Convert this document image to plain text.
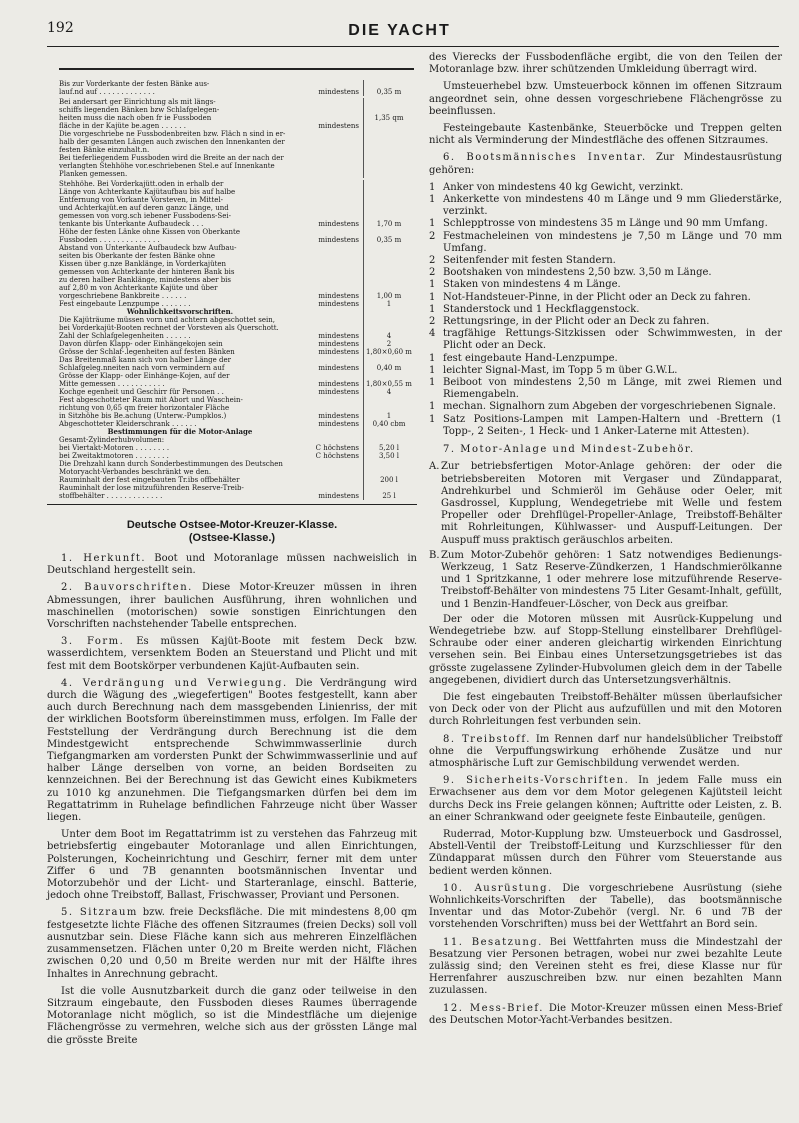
192	DIE YACHT
Bis zur Vorderkante der festen Bänke aus-
lauf.nd auf . . . . . . . . . . . . .	mindestens	0,35 m
Bei andersart ger Einrichtung als mit längs-
schiffs liegenden Bänken bzw Schlafgelegen-
heiten muss die nach oben fr ie Fussboden	1,35 qm
fläche in der Kajüte be.agen . . . . . .	mindestens
Die vorgeschriebe ne Fussbodenbreiten bzw. Fläch n sind in er-
halb der gesamten Längen auch zwischen den Innenkanten der
festen Bänke einzuhalt.n.
Bei tieferliegendem Fussboden wird die Breite an der nach der
verlangten Stehhöhe vor.eschriebenen Stel.e auf Innenkante
Planken gemessen.
Stehhöhe. Bei Vorderkajütt.oden in erhalb der
Länge von Achterkante Kajütaufbau bis auf halbe
Entfernung von Vorkante Vorsteven, in Mittel-
und Achterkajüt.en auf deren ganzc Länge, und
gemessen von vorg.sch iebener Fussbodens-Sei-
tenkante bis Unterkante Aufbaudeck . . .	mindestens	1,70 m
Höhe der festen Länke ohne Kissen von Oberkante
Fussboden . . . . . . . . . . . . . .	mindestens	0,35 m
Abstand von Unterkante Aufbaudeck bzw Aufbau-
seiten bis Oberkante der festen Bänke ohne
Kissen über g.nze Banklänge, in Vorderkajüten
gemessen von Achterkante der hinteren Bank bis
zu deren halber Banklänge, mindestens aber bis
auf 2,80 m von Achterkante Kajüte und über
vorgeschriebene Bankbreite . . . . . .	mindestens	1,00 m
Fest eingebaute Lenzpumpe . . . . . . .	mindestens	1
Wohnlichkeitsvorschriften.
Die Kajüträume müssen vorn und achtern abgeschottet sein,
bei Vorderkajüt-Booten rechnet der Vorsteven als Querschott.
Zahl der Schlafgelegenheiten . . . . . .	mindestens	4
Davon dürfen Klapp- oder Einhängekojen sein	mindestens	2
Grösse der Schlaf-.legenheiten auf festen Bänken	mindestens	1,80×0,60 m
Das Breitenmaß kann sich von halber Länge der
Schlafgeleg.nneiten nach vorn vermindern auf	mindestens	0,40 m
Grösse der Klapp- oder Einhänge-Kojen, auf der
Mitte gemessen . . . . . . . . . . .	mindestens	1,80×0,55 m
Kochge egenheit und Geschirr für Personen . .	mindestens	4
Fest abgeschotteter Raum mit Abort und Waschein-
richtung von 0,65 qm freier horizontaler Fläche
in Sitzhöhe bis Be.achung (Unterw.-Pumpklos.)	mindestens	1
Abgeschotteter Kleiderschrank . . . . . .	mindestens	0,40 cbm
Bestimmungen für die Motor-Anlage
Gesamt-Zylinderhubvolumen:
bei Viertakt-Motoren . . . . . . . .	C höchstens	5,20 l
bei Zweitaktmotoren . . . . . . . .	C höchstens	3,50 l
Die Drehzahl kann durch Sonderbestimmungen des Deutschen
Motoryacht-Verbandes beschränkt we den.
Rauminhalt der fest eingebauten Tr.ibs offbehälter	200 l
Rauminhalt der lose mitzuführenden Reserve-Treib-
stoffbehälter . . . . . . . . . . . . .	mindestens	25 l
Deutsche Ostsee-Motor-Kreuzer-Klasse.
(Ostsee-Klasse.)

1. Herkunft. Boot und Motoranlage müssen nachweislich in Deutschland hergestellt sein.

2. Bauvorschriften. Diese Motor-Kreuzer müssen in ihren Abmessungen, ihrer baulichen Ausführung, ihren wohnlichen und maschinellen (motorischen) sowie sonstigen Einrichtungen den Vorschriften nachstehender Tabelle entsprechen.

3. Form. Es müssen Kajüt-Boote mit festem Deck bzw. wasserdichtem, versenktem Boden an Steuerstand und Plicht und mit fest mit dem Bootskörper verbundenen Kajüt-Aufbauten sein.

4. Verdrängung und Verwiegung. Die Verdrängung wird durch die Wägung des „wiegefertigen" Bootes festgestellt, kann aber auch durch Berechnung nach dem massgebenden Linienriss, der mit der wirklichen Bootsform übereinstimmen muss, erfolgen. Im Falle der Feststellung der Verdrängung durch Berechnung ist die dem Mindestgewicht entsprechende Schwimmwasserlinie durch Tiefgangmarken am vordersten Punkt der Schwimmwasserlinie und auf halber Länge derselben von vorne, an beiden Bordseiten zu kennzeichnen. Bei der Berechnung ist das Gewicht eines Kubikmeters zu 1010 kg anzunehmen. Die Tiefgangsmarken dürfen bei dem im Regattatrimm in Ruhelage befindlichen Fahrzeuge nicht über Wasser liegen.

Unter dem Boot im Regattatrimm ist zu verstehen das Fahrzeug mit betriebsfertig eingebauter Motoranlage und allen Einrichtungen, Polsterungen, Kocheinrichtung und Geschirr, ferner mit dem unter Ziffer 6 und 7B genannten bootsmännischen Inventar und Motorzubehör und der Licht- und Starteranlage, einschl. Batterie, jedoch ohne Treibstoff, Ballast, Frischwasser, Proviant und Personen.

5. Sitzraum bzw. freie Decksfläche. Die mit mindestens 8,00 qm festgesetzte lichte Fläche des offenen Sitzraumes (freien Decks) soll voll ausnutzbar sein. Diese Fläche kann sich aus mehreren Einzelflächen zusammensetzen. Flächen unter 0,20 m Breite werden nicht, Flächen zwischen 0,20 und 0,50 m Breite werden nur mit der Hälfte ihres Inhaltes in Anrechnung gebracht.

Ist die volle Ausnutzbarkeit durch die ganz oder teilweise in den Sitzraum eingebaute, den Fussboden dieses Raumes überragende Motoranlage nicht möglich, so ist die Mindestfläche um diejenige Flächengrösse zu vermehren, welche sich aus der grössten Länge mal die grösste Breite

des Vierecks der Fussbodenfläche ergibt, die von den Teilen der Motoranlage bzw. ihrer schützenden Umkleidung überragt wird.

Umsteuerhebel bzw. Umsteuerbock können im offenen Sitzraum angeordnet sein, ohne dessen vorgeschriebene Flächengrösse zu beeinflussen.

Festeingebaute Kastenbänke, Steuerböcke und Treppen gelten nicht als Verminderung der Mindestfläche des offenen Sitzraumes.

6. Bootsmännisches Inventar. Zur Mindestausrüstung gehören:

1 Anker von mindestens 40 kg Gewicht, verzinkt.
1 Ankerkette von mindestens 40 m Länge und 9 mm Gliederstärke, verzinkt.
1 Schlepptrosse von mindestens 35 m Länge und 90 mm Umfang.
2 Festmacheleinen von mindestens je 7,50 m Länge und 70 mm Umfang.
2 Seitenfender mit festen Standern.
2 Bootshaken von mindestens 2,50 bzw. 3,50 m Länge.
1 Staken von mindestens 4 m Länge.
1 Not-Handsteuer-Pinne, in der Plicht oder an Deck zu fahren.
1 Standerstock und 1 Heckflaggenstock.
2 Rettungsringe, in der Plicht oder an Deck zu fahren.
4 tragfähige Rettungs-Sitzkissen oder Schwimmwesten, in der Plicht oder an Deck.
1 fest eingebaute Hand-Lenzpumpe.
1 leichter Signal-Mast, im Topp 5 m über G.W.L.
1 Beiboot von mindestens 2,50 m Länge, mit zwei Riemen und Riemengabeln.
1 mechan. Signalhorn zum Abgeben der vorgeschriebenen Signale.
1 Satz Positions-Lampen mit Lampen-Haltern und -Brettern (1 Topp-, 2 Seiten-, 1 Heck- und 1 Anker-Laterne mit Attesten).

7. Motor-Anlage und Mindest-Zubehör.

A. Zur betriebsfertigen Motor-Anlage gehören: der oder die betriebsbereiten Motoren mit Vergaser und Zündapparat, Andrehkurbel und Schmieröl im Gehäuse oder Oeler, mit Gasdrossel, Kupplung, Wendegetriebe mit Welle und festem Propeller oder Drehflügel-Propeller-Anlage, Treibstoff-Behälter mit Rohrleitungen, Kühlwasser- und Auspuff-Leitungen. Der Auspuff muss praktisch geräuschlos arbeiten.
B. Zum Motor-Zubehör gehören: 1 Satz notwendiges Bedienungs-Werkzeug, 1 Satz Reserve-Zündkerzen, 1 Handschmierölkanne und 1 Spritzkanne, 1 oder mehrere lose mitzuführende Reserve-Treibstoff-Behälter von mindestens 75 Liter Gesamt-Inhalt, gefüllt, und 1 Benzin-Handfeuer-Löscher, von Deck aus greifbar.

Der oder die Motoren müssen mit Ausrück-Kuppelung und Wendegetriebe bzw. auf Stopp-Stellung einstellbarer Drehflügel-Schraube oder einer anderen gleichartig wirkenden Einrichtung versehen sein. Bei Einbau eines Untersetzungsgetriebes ist das grösste zugelassene Zylinder-Hubvolumen gleich dem in der Tabelle angegebenen, dividiert durch das Untersetzungsverhältnis.

Die fest eingebauten Treibstoff-Behälter müssen überlaufsicher von Deck oder von der Plicht aus aufzufüllen und mit den Motoren durch Rohrleitungen fest verbunden sein.

8. Treibstoff. Im Rennen darf nur handelsüblicher Treibstoff ohne die Verpuffungswirkung erhöhende Zusätze und nur atmosphärische Luft zur Gemischbildung verwendet werden.

9. Sicherheits-Vorschriften. In jedem Falle muss ein Erwachsener aus dem vor dem Motor gelegenen Kajütsteil leicht durchs Deck ins Freie gelangen können; Auftritte oder Leisten, z. B. an einer Schrankwand oder geeignete feste Einbauteile, genügen.

Ruderrad, Motor-Kupplung bzw. Umsteuerbock und Gasdrossel, Abstell-Ventil der Treibstoff-Leitung und Kurzschliesser für den Zündapparat müssen durch den Führer vom Steuerstande aus bedient werden können.

10. Ausrüstung. Die vorgeschriebene Ausrüstung (siehe Wohnlichkeits-Vorschriften der Tabelle), das bootsmännische Inventar und das Motor-Zubehör (vergl. Nr. 6 und 7B der vorstehenden Vorschriften) muss bei der Wettfahrt an Bord sein.

11. Besatzung. Bei Wettfahrten muss die Mindestzahl der Besatzung vier Personen betragen, wobei nur zwei bezahlte Leute zulässig sind; den Vereinen steht es frei, diese Klasse nur für Herrenfahrer auszuschreiben bzw. nur einen bezahlten Mann zuzulassen.

12. Mess-Brief. Die Motor-Kreuzer müssen einen Mess-Brief des Deutschen Motor-Yacht-Verbandes besitzen.
